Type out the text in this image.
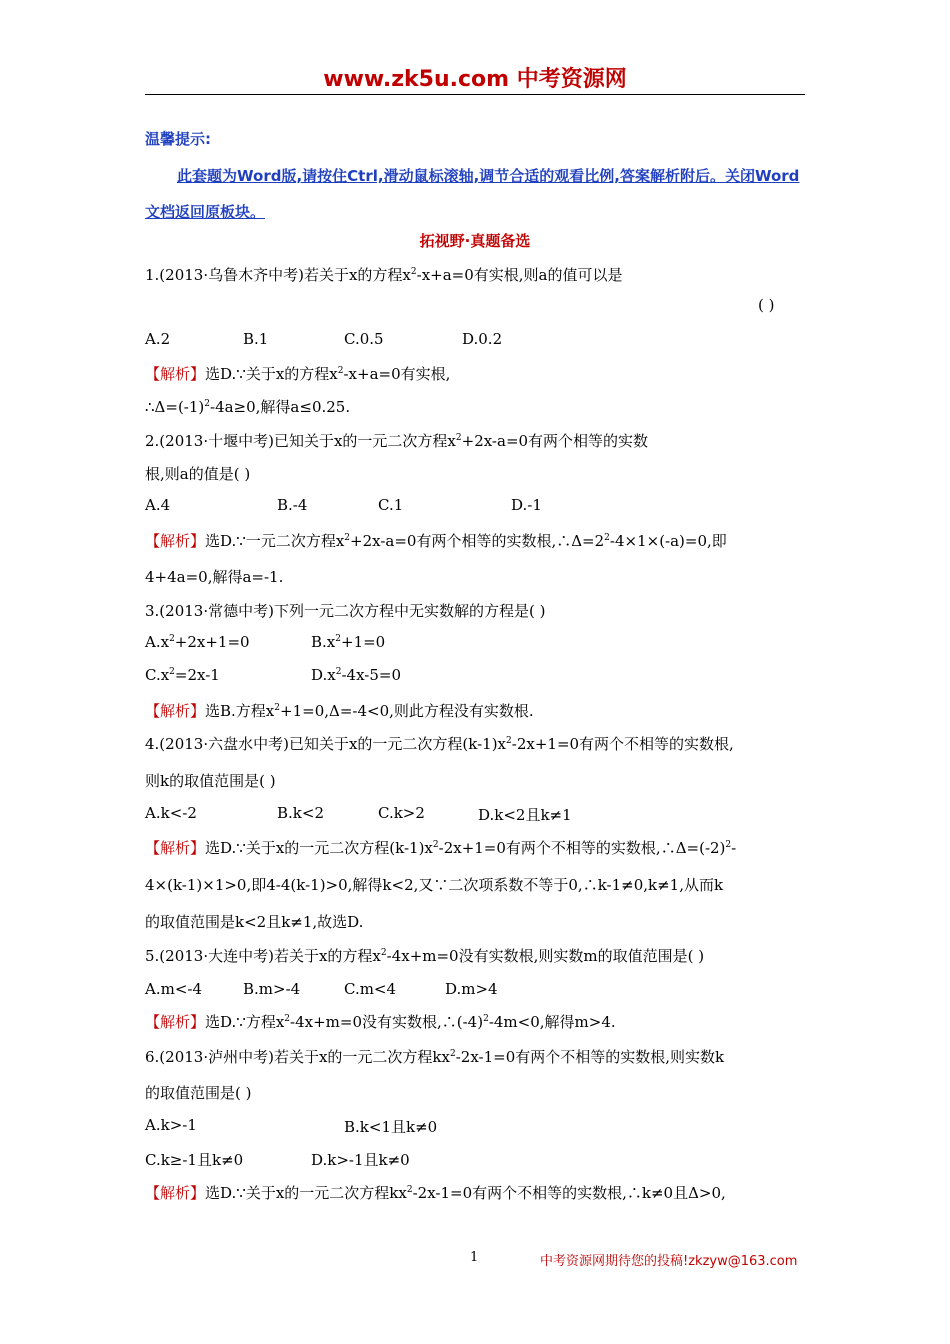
www.zk5u.com 中考资源网
温馨提示:
此套题为Word版,请按住Ctrl,滑动鼠标滚轴,调节合适的观看比例,答案解析附后。关闭Word文档返回原板块。
拓视野·真题备选
1.(2013·乌鲁木齐中考)若关于x的方程$x^2-x+a=0$有实根,则a的值可以是
( )
A.2	B.1	C.0.5	D.0.2
【解析】选D.∵关于x的方程$x^2-x+a=0$有实根,
$\therefore\Delta=(-1)^2-4a\ge 0$,解得a≤0.25.
2.(2013·十堰中考)已知关于x的一元二次方程$x^2+2x-a=0$有两个相等的实数
根,则a的值是( )
A.4	B.-4	C.1	D.-1
【解析】选D.∵一元二次方程$x^2+2x-a=0$有两个相等的实数根$,\therefore\Delta=2^2-4\times 1\times(-a)=0$,即
4+4a=0,解得a=-1.
3.(2013·常德中考)下列一元二次方程中无实数解的方程是( )
$A.x^2+2x+1=0$	$B.x^2+1=0$
$C.x^2=2x-1$	$D.x^2-4x-5=0$
【解析】选B.方程$x^2+1=0,\Delta=-4<0$,则此方程没有实数根.
4.(2013·六盘水中考)已知关于x的一元二次方程$(k-1)x^2-2x+1=0$有两个不相等的实数根,
则k的取值范围是( )
A.k<-2	B.k<2	C.k>2	D.k<2且k≠1
【解析】选D.∵关于x的一元二次方程$(k-1)x^2-2x+1=0$有两个不相等的实数根$,\therefore\Delta=(-2)^2-$
4×(k-1)×1>0,即4-4(k-1)>0,解得k<2,又∵二次项系数不等于0,∴k-1≠0,k≠1,从而k
的取值范围是k<2且k≠1,故选D.
5.(2013·大连中考)若关于x的方程$x^2-4x+m=0$没有实数根,则实数m的取值范围是( )
A.m<-4	B.m>-4	C.m<4	D.m>4
【解析】选D.∵方程$x^2-4x+m=0$没有实数根$,\therefore(-4)^2-4m<0$,解得m>4.
6.(2013·泸州中考)若关于x的一元二次方程$kx^2-2x-1=0$有两个不相等的实数根,则实数k
的取值范围是( )
A.k>-1	B.k<1且k≠0
C.k≥-1且k≠0	D.k>-1且k≠0
【解析】选D.∵关于x的一元二次方程$kx^2-2x-1=0$有两个不相等的实数根,∴k≠0且Δ>0,
1	中考资源网期待您的投稿!zkzyw@163.com
